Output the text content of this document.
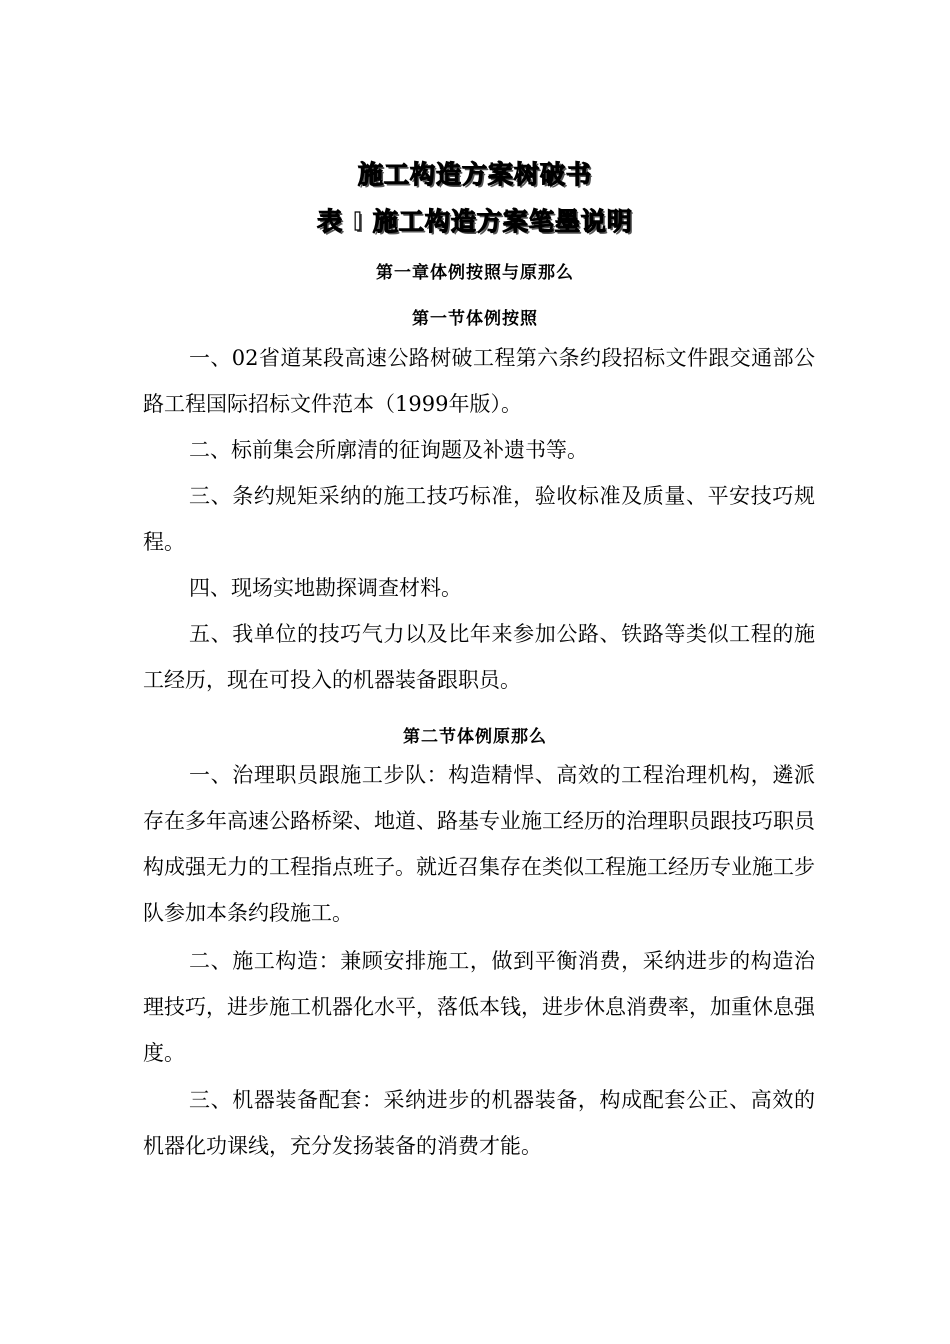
施工构造方案树破书
表 I 施工构造方案笔墨说明
第一章体例按照与原那么
第一节体例按照

一、02省道某段高速公路树破工程第六条约段招标文件跟交通部公路工程国际招标文件范本（1999年版）。

二、标前集会所廓清的征询题及补遗书等。

三、条约规矩采纳的施工技巧标准，验收标准及质量、平安技巧规程。

四、现场实地勘探调查材料。

五、我单位的技巧气力以及比年来参加公路、铁路等类似工程的施工经历，现在可投入的机器装备跟职员。

第二节体例原那么

一、治理职员跟施工步队：构造精悍、高效的工程治理机构，遴派存在多年高速公路桥梁、地道、路基专业施工经历的治理职员跟技巧职员构成强无力的工程指点班子。就近召集存在类似工程施工经历专业施工步队参加本条约段施工。

二、施工构造：兼顾安排施工，做到平衡消费，采纳进步的构造治理技巧，进步施工机器化水平，落低本钱，进步休息消费率，加重休息强度。

三、机器装备配套：采纳进步的机器装备，构成配套公正、高效的机器化功课线，充分发扬装备的消费才能。
